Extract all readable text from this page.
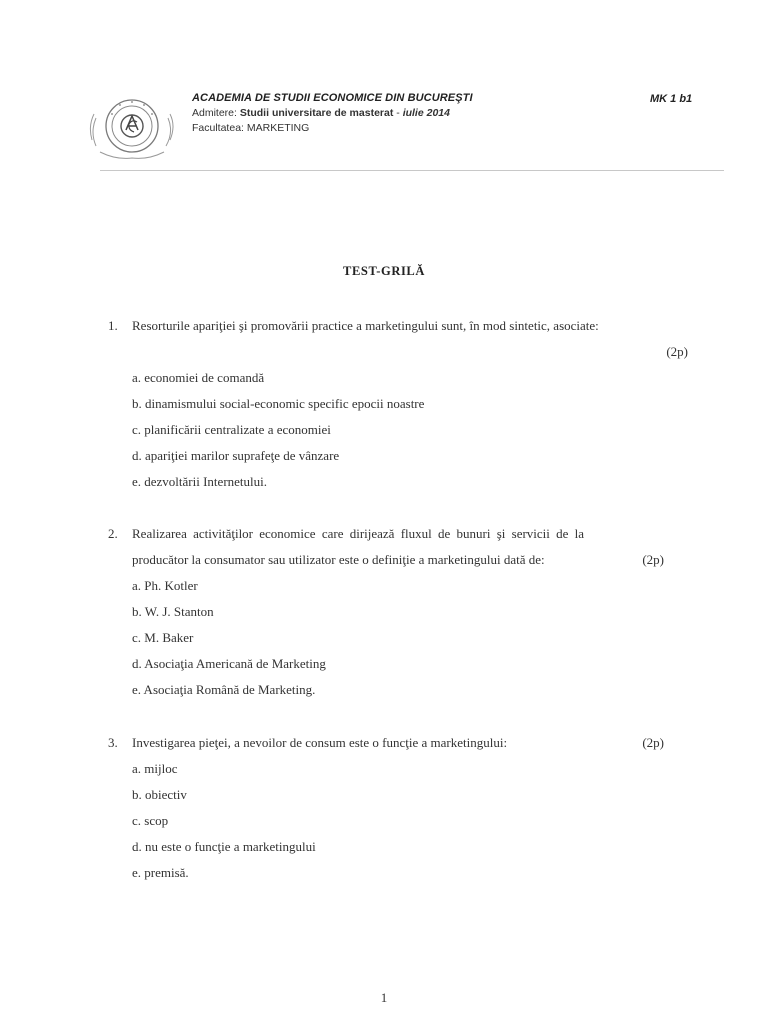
ACADEMIA DE STUDII ECONOMICE DIN BUCUREŞTI
Admitere: Studii universitare de masterat - iulie 2014
Facultatea: MARKETING
MK 1 b1
TEST-GRILĂ
1. Resorturile apariţiei şi promovării practice a marketingului sunt, în mod sintetic, asociate:
(2p)
a. economiei de comandă
b. dinamismului social-economic specific epocii noastre
c. planificării centralizate a economiei
d. apariţiei marilor suprafeţe de vânzare
e. dezvoltării Internetului.
2. Realizarea activităţilor economice care dirijează fluxul de bunuri şi servicii de la
producător la consumator sau utilizator este o definiţie a marketingului dată de:	(2p)
a. Ph. Kotler
b. W. J. Stanton
c. M. Baker
d. Asociaţia Americană de Marketing
e. Asociaţia Română de Marketing.
3. Investigarea pieţei, a nevoilor de consum este o funcţie a marketingului:	(2p)
a. mijloc
b. obiectiv
c. scop
d. nu este o funcţie a marketingului
e. premisă.
1
